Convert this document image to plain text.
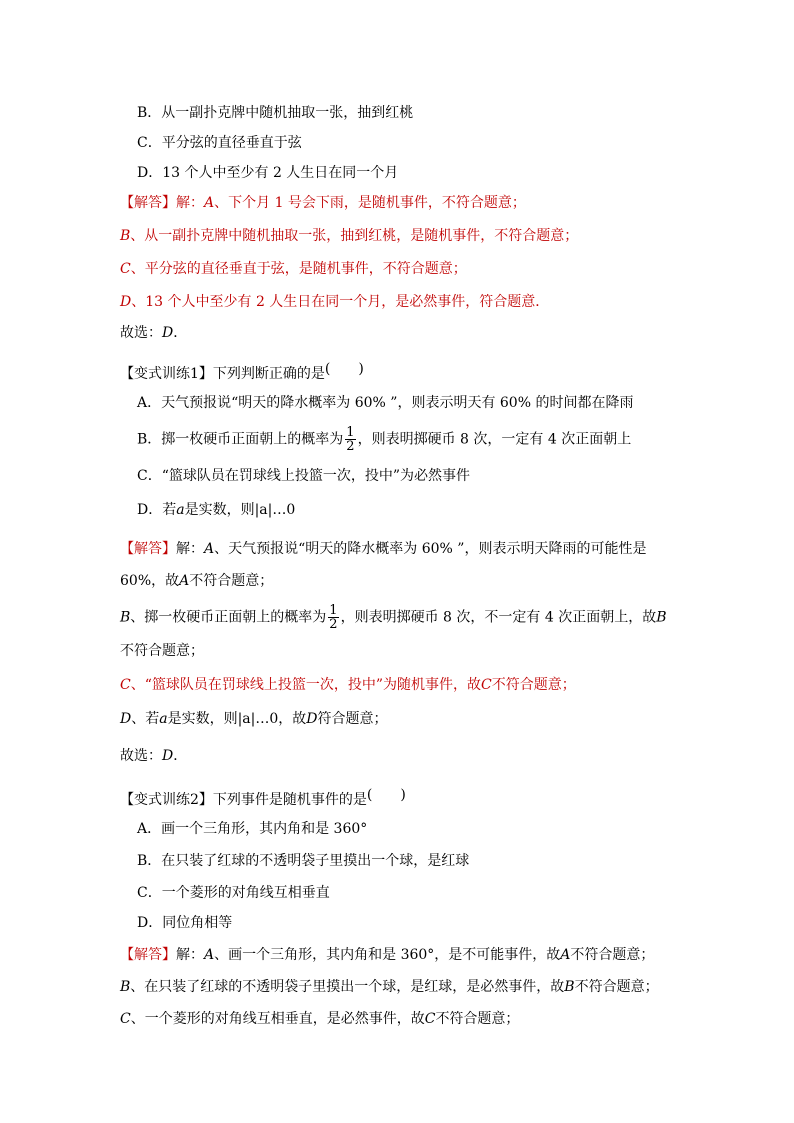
B．从一副扑克牌中随机抽取一张，抽到红桃
C．平分弦的直径垂直于弦
D．13 个人中至少有 2 人生日在同一个月
【解答】解：A、下个月 1 号会下雨，是随机事件，不符合题意；
B、从一副扑克牌中随机抽取一张，抽到红桃，是随机事件，不符合题意；
C、平分弦的直径垂直于弦，是随机事件，不符合题意；
D、13 个人中至少有 2 人生日在同一个月，是必然事件，符合题意．
故选：D．
【变式训练1】下列判断正确的是(　　)
A．天气预报说“明天的降水概率为 60% ”，则表示明天有 60% 的时间都在降雨
B．掷一枚硬币正面朝上的概率为 $\frac{1}{2}$ ，则表明掷硬币 8 次，一定有 4 次正面朝上
C．“篮球队员在罚球线上投篮一次，投中”为必然事件
D．若a是实数，则|a|…0
【解答】解：A、天气预报说“明天的降水概率为 60% ”，则表示明天降雨的可能性是
60%，故A不符合题意；
B、掷一枚硬币正面朝上的概率为 $\frac{1}{2}$ ，则表明掷硬币 8 次，不一定有 4 次正面朝上，故B
不符合题意；
C、“篮球队员在罚球线上投篮一次，投中”为随机事件，故C不符合题意；
D、若a是实数，则|a|…0，故D符合题意；
故选：D．
【变式训练2】下列事件是随机事件的是(　　)
A．画一个三角形，其内角和是 360°
B．在只装了红球的不透明袋子里摸出一个球，是红球
C．一个菱形的对角线互相垂直
D．同位角相等
【解答】解：A、画一个三角形，其内角和是 360°，是不可能事件，故A不符合题意；
B、在只装了红球的不透明袋子里摸出一个球，是红球，是必然事件，故B不符合题意；
C、一个菱形的对角线互相垂直，是必然事件，故C不符合题意；
